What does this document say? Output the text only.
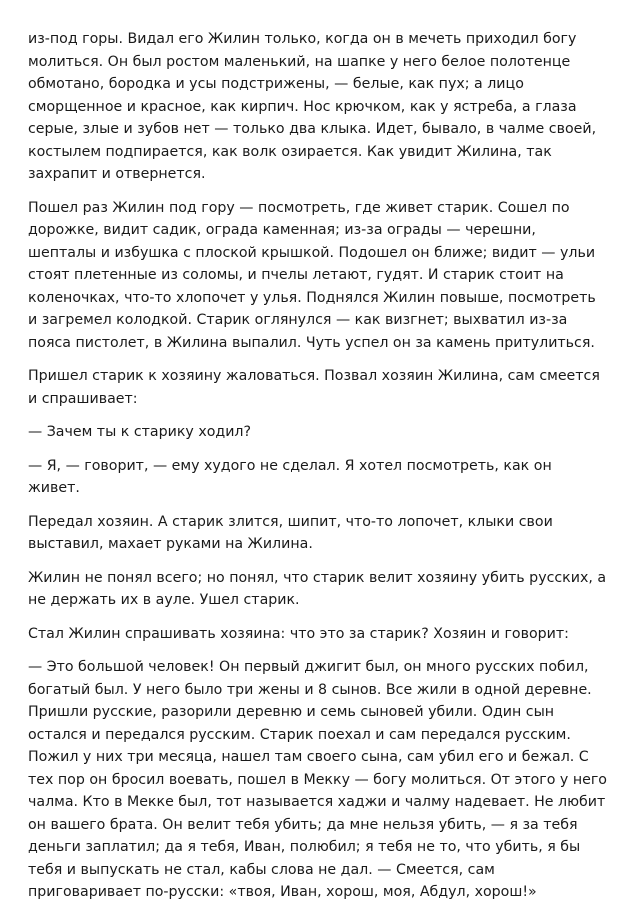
из-под горы. Видал его Жилин только, когда он в мечеть приходил богу молиться. Он был ростом маленький, на шапке у него белое полотенце обмотано, бородка и усы подстрижены, — белые, как пух; а лицо сморщенное и красное, как кирпич. Нос крючком, как у ястреба, а глаза серые, злые и зубов нет — только два клыка. Идет, бывало, в чалме своей, костылем подпирается, как волк озирается. Как увидит Жилина, так захрапит и отвернется.

Пошел раз Жилин под гору — посмотреть, где живет старик. Сошел по дорожке, видит садик, ограда каменная; из-за ограды — черешни, шепталы и избушка с плоской крышкой. Подошел он ближе; видит — ульи стоят плетенные из соломы, и пчелы летают, гудят. И старик стоит на коленочках, что-то хлопочет у улья. Поднялся Жилин повыше, посмотреть и загремел колодкой. Старик оглянулся — как визгнет; выхватил из-за пояса пистолет, в Жилина выпалил. Чуть успел он за камень притулиться.

Пришел старик к хозяину жаловаться. Позвал хозяин Жилина, сам смеется и спрашивает:

— Зачем ты к старику ходил?

— Я, — говорит, — ему худого не сделал. Я хотел посмотреть, как он живет.

Передал хозяин. А старик злится, шипит, что-то лопочет, клыки свои выставил, махает руками на Жилина.

Жилин не понял всего; но понял, что старик велит хозяину убить русских, а не держать их в ауле. Ушел старик.

Стал Жилин спрашивать хозяина: что это за старик? Хозяин и говорит:

— Это большой человек! Он первый джигит был, он много русских побил, богатый был. У него было три жены и 8 сынов. Все жили в одной деревне. Пришли русские, разорили деревню и семь сыновей убили. Один сын остался и передался русским. Старик поехал и сам передался русским. Пожил у них три месяца, нашел там своего сына, сам убил его и бежал. С тех пор он бросил воевать, пошел в Мекку — богу молиться. От этого у него чалма. Кто в Мекке был, тот называется хаджи и чалму надевает. Не любит он вашего брата. Он велит тебя убить; да мне нельзя убить, — я за тебя деньги заплатил; да я тебя, Иван, полюбил; я тебя не то, что убить, я бы тебя и выпускать не стал, кабы слова не дал. — Смеется, сам приговаривает по-русски: «твоя, Иван, хорош, моя, Абдул, хорош!»
